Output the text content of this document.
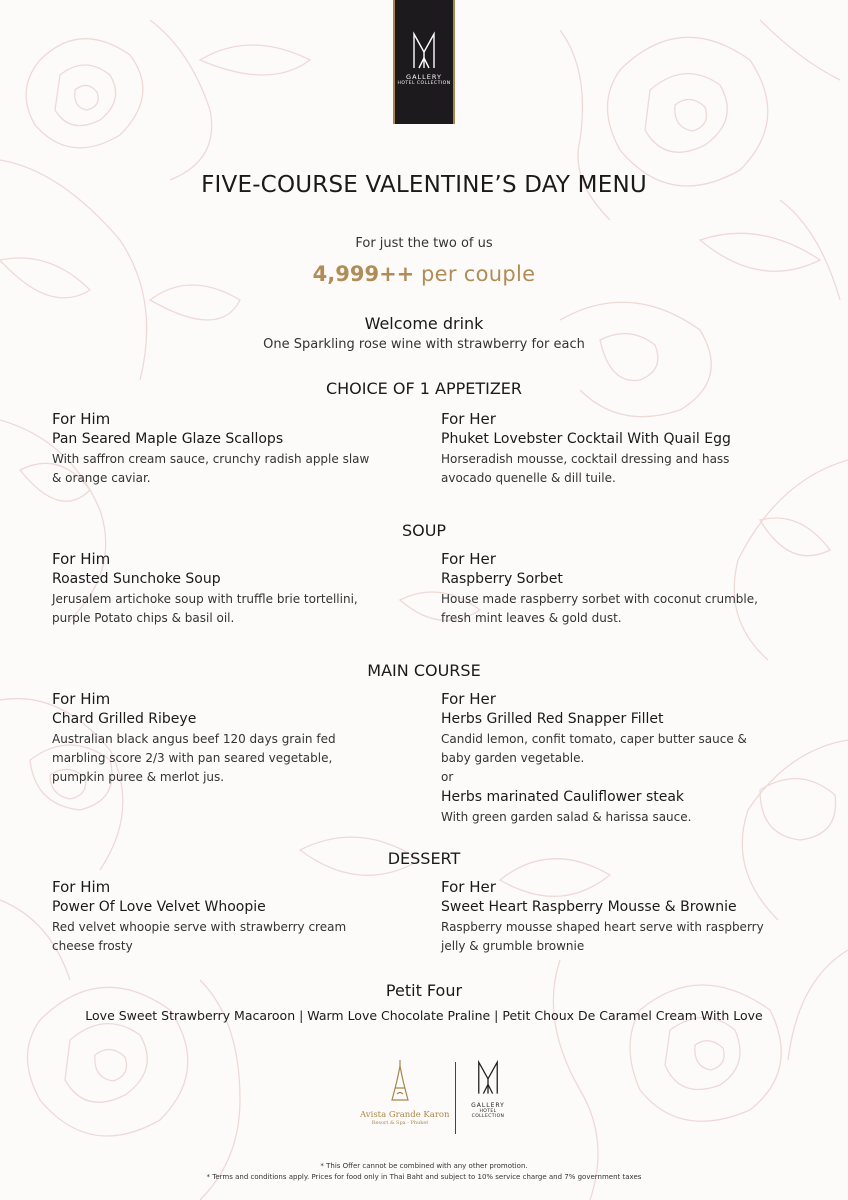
GALLERY
HOTEL COLLECTION
FIVE-COURSE VALENTINE’S DAY MENU
For just the two of us
4,999++ per couple
Welcome drink
One Sparkling rose wine with strawberry for each
CHOICE OF 1 APPETIZER
For Him
Pan Seared Maple Glaze Scallops
With saffron cream sauce, crunchy radish apple slaw
& orange caviar.
For Her
Phuket Lovebster Cocktail With Quail Egg
Horseradish mousse, cocktail dressing and hass
avocado quenelle & dill tuile.
SOUP
For Him
Roasted Sunchoke Soup
Jerusalem artichoke soup with truffle brie tortellini,
purple Potato chips & basil oil.
For Her
Raspberry Sorbet
House made raspberry sorbet with coconut crumble,
fresh mint leaves & gold dust.
MAIN COURSE
For Him
Chard Grilled Ribeye
Australian black angus beef 120 days grain fed
marbling score 2/3 with pan seared vegetable,
pumpkin puree & merlot jus.
For Her
Herbs Grilled Red Snapper Fillet
Candid lemon, confit tomato, caper butter sauce &
baby garden vegetable.
or
Herbs marinated Cauliflower steak
With green garden salad & harissa sauce.
DESSERT
For Him
Power Of Love Velvet Whoopie
Red velvet whoopie serve with strawberry cream
cheese frosty
For Her
Sweet Heart Raspberry Mousse & Brownie
Raspberry mousse shaped heart serve with raspberry
jelly & grumble brownie
Petit Four
Love Sweet Strawberry Macaroon | Warm Love Chocolate Praline | Petit Choux De Caramel Cream With Love
Avista Grande Karon
Resort & Spa - Phuket
GALLERY
HOTEL
COLLECTION
* This Offer cannot be combined with any other promotion.
* Terms and conditions apply. Prices for food only in Thai Baht and subject to 10% service charge and 7% government taxes
